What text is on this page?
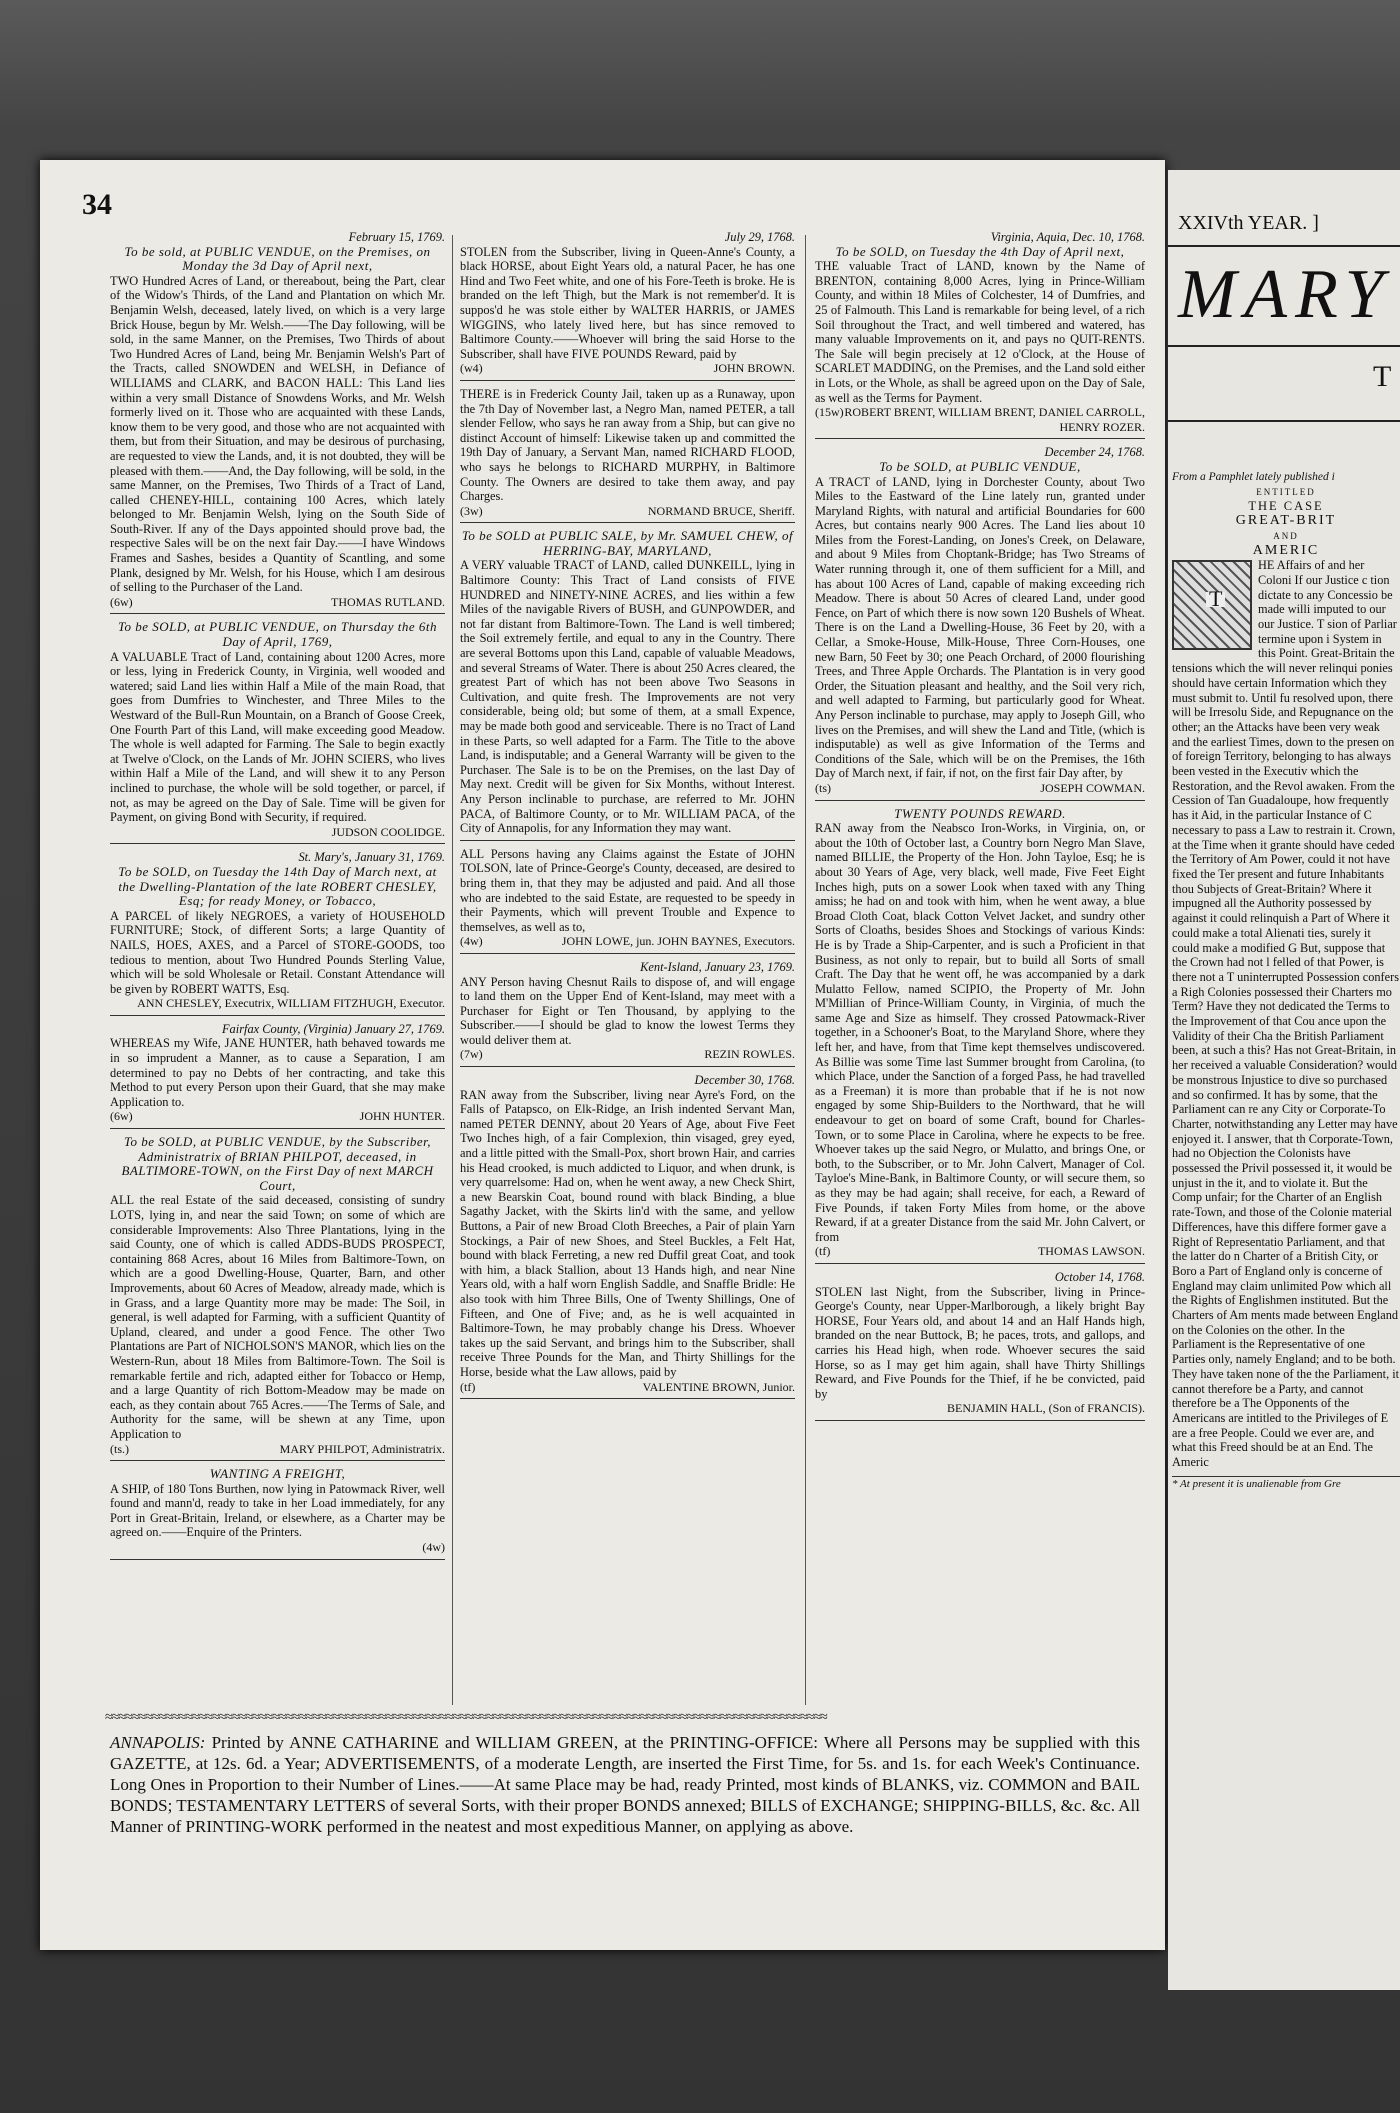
34
February 15, 1769.
To be sold, at PUBLIC VENDUE, on the Premises, on Monday the 3d Day of April next,
TWO Hundred Acres of Land, or thereabout, being the Part, clear of the Widow's Thirds, of the Land and Plantation on which Mr. Benjamin Welsh, deceased, lately lived, on which is a very large Brick House, begun by Mr. Welsh.——The Day following, will be sold, in the same Manner, on the Premises, Two Thirds of about Two Hundred Acres of Land, being Mr. Benjamin Welsh's Part of the Tracts, called SNOWDEN and WELSH, in Defiance of WILLIAMS and CLARK, and BACON HALL: This Land lies within a very small Distance of Snowdens Works, and Mr. Welsh formerly lived on it. Those who are acquainted with these Lands, know them to be very good, and those who are not acquainted with them, but from their Situation, and may be desirous of purchasing, are requested to view the Lands, and, it is not doubted, they will be pleased with them.——And, the Day following, will be sold, in the same Manner, on the Premises, Two Thirds of a Tract of Land, called CHENEY-HILL, containing 100 Acres, which lately belonged to Mr. Benjamin Welsh, lying on the South Side of South-River. If any of the Days appointed should prove bad, the respective Sales will be on the next fair Day.——I have Windows Frames and Sashes, besides a Quantity of Scantling, and some Plank, designed by Mr. Welsh, for his House, which I am desirous of selling to the Purchaser of the Land.
(6w)	THOMAS RUTLAND.
To be SOLD, at PUBLIC VENDUE, on Thursday the 6th Day of April, 1769,
A VALUABLE Tract of Land, containing about 1200 Acres, more or less, lying in Frederick County, in Virginia, well wooded and watered; said Land lies within Half a Mile of the main Road, that goes from Dumfries to Winchester, and Three Miles to the Westward of the Bull-Run Mountain, on a Branch of Goose Creek, One Fourth Part of this Land, will make exceeding good Meadow. The whole is well adapted for Farming. The Sale to begin exactly at Twelve o'Clock, on the Lands of Mr. JOHN SCIERS, who lives within Half a Mile of the Land, and will shew it to any Person inclined to purchase, the whole will be sold together, or parcel, if not, as may be agreed on the Day of Sale. Time will be given for Payment, on giving Bond with Security, if required.
JUDSON COOLIDGE.
St. Mary's, January 31, 1769.
To be SOLD, on Tuesday the 14th Day of March next, at the Dwelling-Plantation of the late ROBERT CHESLEY, Esq; for ready Money, or Tobacco,
A PARCEL of likely NEGROES, a variety of HOUSEHOLD FURNITURE; Stock, of different Sorts; a large Quantity of NAILS, HOES, AXES, and a Parcel of STORE-GOODS, too tedious to mention, about Two Hundred Pounds Sterling Value, which will be sold Wholesale or Retail. Constant Attendance will be given by ROBERT WATTS, Esq.
ANN CHESLEY, Executrix, WILLIAM FITZHUGH, Executor.
Fairfax County, (Virginia) January 27, 1769.
WHEREAS my Wife, JANE HUNTER, hath behaved towards me in so imprudent a Manner, as to cause a Separation, I am determined to pay no Debts of her contracting, and take this Method to put every Person upon their Guard, that she may make Application to.
(6w)	JOHN HUNTER.
To be SOLD, at PUBLIC VENDUE, by the Subscriber, Administratrix of BRIAN PHILPOT, deceased, in BALTIMORE-TOWN, on the First Day of next MARCH Court,
ALL the real Estate of the said deceased, consisting of sundry LOTS, lying in, and near the said Town; on some of which are considerable Improvements: Also Three Plantations, lying in the said County, one of which is called ADDS-BUDS PROSPECT, containing 868 Acres, about 16 Miles from Baltimore-Town, on which are a good Dwelling-House, Quarter, Barn, and other Improvements, about 60 Acres of Meadow, already made, which is in Grass, and a large Quantity more may be made: The Soil, in general, is well adapted for Farming, with a sufficient Quantity of Upland, cleared, and under a good Fence. The other Two Plantations are Part of NICHOLSON'S MANOR, which lies on the Western-Run, about 18 Miles from Baltimore-Town. The Soil is remarkable fertile and rich, adapted either for Tobacco or Hemp, and a large Quantity of rich Bottom-Meadow may be made on each, as they contain about 765 Acres.——The Terms of Sale, and Authority for the same, will be shewn at any Time, upon Application to
(ts.)	MARY PHILPOT, Administratrix.
WANTING A FREIGHT,
A SHIP, of 180 Tons Burthen, now lying in Patowmack River, well found and mann'd, ready to take in her Load immediately, for any Port in Great-Britain, Ireland, or elsewhere, as a Charter may be agreed on.——Enquire of the Printers.
(4w)
July 29, 1768.
STOLEN from the Subscriber, living in Queen-Anne's County, a black HORSE, about Eight Years old, a natural Pacer, he has one Hind and Two Feet white, and one of his Fore-Teeth is broke. He is branded on the left Thigh, but the Mark is not remember'd. It is suppos'd he was stole either by WALTER HARRIS, or JAMES WIGGINS, who lately lived here, but has since removed to Baltimore County.——Whoever will bring the said Horse to the Subscriber, shall have FIVE POUNDS Reward, paid by
(w4)	JOHN BROWN.
THERE is in Frederick County Jail, taken up as a Runaway, upon the 7th Day of November last, a Negro Man, named PETER, a tall slender Fellow, who says he ran away from a Ship, but can give no distinct Account of himself: Likewise taken up and committed the 19th Day of January, a Servant Man, named RICHARD FLOOD, who says he belongs to RICHARD MURPHY, in Baltimore County. The Owners are desired to take them away, and pay Charges.
(3w)	NORMAND BRUCE, Sheriff.
To be SOLD at PUBLIC SALE, by Mr. SAMUEL CHEW, of HERRING-BAY, MARYLAND,
A VERY valuable TRACT of LAND, called DUNKEILL, lying in Baltimore County: This Tract of Land consists of FIVE HUNDRED and NINETY-NINE ACRES, and lies within a few Miles of the navigable Rivers of BUSH, and GUNPOWDER, and not far distant from Baltimore-Town. The Land is well timbered; the Soil extremely fertile, and equal to any in the Country. There are several Bottoms upon this Land, capable of valuable Meadows, and several Streams of Water. There is about 250 Acres cleared, the greatest Part of which has not been above Two Seasons in Cultivation, and quite fresh. The Improvements are not very considerable, being old; but some of them, at a small Expence, may be made both good and serviceable. There is no Tract of Land in these Parts, so well adapted for a Farm. The Title to the above Land, is indisputable; and a General Warranty will be given to the Purchaser. The Sale is to be on the Premises, on the last Day of May next. Credit will be given for Six Months, without Interest. Any Person inclinable to purchase, are referred to Mr. JOHN PACA, of Baltimore County, or to Mr. WILLIAM PACA, of the City of Annapolis, for any Information they may want.
ALL Persons having any Claims against the Estate of JOHN TOLSON, late of Prince-George's County, deceased, are desired to bring them in, that they may be adjusted and paid. And all those who are indebted to the said Estate, are requested to be speedy in their Payments, which will prevent Trouble and Expence to themselves, as well as to,
(4w)	JOHN LOWE, jun. JOHN BAYNES, Executors.
Kent-Island, January 23, 1769.
ANY Person having Chesnut Rails to dispose of, and will engage to land them on the Upper End of Kent-Island, may meet with a Purchaser for Eight or Ten Thousand, by applying to the Subscriber.——I should be glad to know the lowest Terms they would deliver them at.
(7w)	REZIN ROWLES.
December 30, 1768.
RAN away from the Subscriber, living near Ayre's Ford, on the Falls of Patapsco, on Elk-Ridge, an Irish indented Servant Man, named PETER DENNY, about 20 Years of Age, about Five Feet Two Inches high, of a fair Complexion, thin visaged, grey eyed, and a little pitted with the Small-Pox, short brown Hair, and carries his Head crooked, is much addicted to Liquor, and when drunk, is very quarrelsome: Had on, when he went away, a new Check Shirt, a new Bearskin Coat, bound round with black Binding, a blue Sagathy Jacket, with the Skirts lin'd with the same, and yellow Buttons, a Pair of new Broad Cloth Breeches, a Pair of plain Yarn Stockings, a Pair of new Shoes, and Steel Buckles, a Felt Hat, bound with black Ferreting, a new red Duffil great Coat, and took with him, a black Stallion, about 13 Hands high, and near Nine Years old, with a half worn English Saddle, and Snaffle Bridle: He also took with him Three Bills, One of Twenty Shillings, One of Fifteen, and One of Five; and, as he is well acquainted in Baltimore-Town, he may probably change his Dress. Whoever takes up the said Servant, and brings him to the Subscriber, shall receive Three Pounds for the Man, and Thirty Shillings for the Horse, beside what the Law allows, paid by
(tf)	VALENTINE BROWN, Junior.
Virginia, Aquia, Dec. 10, 1768.
To be SOLD, on Tuesday the 4th Day of April next,
THE valuable Tract of LAND, known by the Name of BRENTON, containing 8,000 Acres, lying in Prince-William County, and within 18 Miles of Colchester, 14 of Dumfries, and 25 of Falmouth. This Land is remarkable for being level, of a rich Soil throughout the Tract, and well timbered and watered, has many valuable Improvements on it, and pays no QUIT-RENTS. The Sale will begin precisely at 12 o'Clock, at the House of SCARLET MADDING, on the Premises, and the Land sold either in Lots, or the Whole, as shall be agreed upon on the Day of Sale, as well as the Terms for Payment.
(15w) ROBERT BRENT, WILLIAM BRENT, DANIEL CARROLL, HENRY ROZER.
December 24, 1768.
To be SOLD, at PUBLIC VENDUE,
A TRACT of LAND, lying in Dorchester County, about Two Miles to the Eastward of the Line lately run, granted under Maryland Rights, with natural and artificial Boundaries for 600 Acres, but contains nearly 900 Acres. The Land lies about 10 Miles from the Forest-Landing, on Jones's Creek, on Delaware, and about 9 Miles from Choptank-Bridge; has Two Streams of Water running through it, one of them sufficient for a Mill, and has about 100 Acres of Land, capable of making exceeding rich Meadow. There is about 50 Acres of cleared Land, under good Fence, on Part of which there is now sown 120 Bushels of Wheat. There is on the Land a Dwelling-House, 36 Feet by 20, with a Cellar, a Smoke-House, Milk-House, Three Corn-Houses, one new Barn, 50 Feet by 30; one Peach Orchard, of 2000 flourishing Trees, and Three Apple Orchards. The Plantation is in very good Order, the Situation pleasant and healthy, and the Soil very rich, and well adapted to Farming, but particularly good for Wheat. Any Person inclinable to purchase, may apply to Joseph Gill, who lives on the Premises, and will shew the Land and Title, (which is indisputable) as well as give Information of the Terms and Conditions of the Sale, which will be on the Premises, the 16th Day of March next, if fair, if not, on the first fair Day after, by
(ts)	JOSEPH COWMAN.
TWENTY POUNDS REWARD.
RAN away from the Neabsco Iron-Works, in Virginia, on, or about the 10th of October last, a Country born Negro Man Slave, named BILLIE, the Property of the Hon. John Tayloe, Esq; he is about 30 Years of Age, very black, well made, Five Feet Eight Inches high, puts on a sower Look when taxed with any Thing amiss; he had on and took with him, when he went away, a blue Broad Cloth Coat, black Cotton Velvet Jacket, and sundry other Sorts of Cloaths, besides Shoes and Stockings of various Kinds: He is by Trade a Ship-Carpenter, and is such a Proficient in that Business, as not only to repair, but to build all Sorts of small Craft. The Day that he went off, he was accompanied by a dark Mulatto Fellow, named SCIPIO, the Property of Mr. John M'Millian of Prince-William County, in Virginia, of much the same Age and Size as himself. They crossed Patowmack-River together, in a Schooner's Boat, to the Maryland Shore, where they left her, and have, from that Time kept themselves undiscovered. As Billie was some Time last Summer brought from Carolina, (to which Place, under the Sanction of a forged Pass, he had travelled as a Freeman) it is more than probable that if he is not now engaged by some Ship-Builders to the Northward, that he will endeavour to get on board of some Craft, bound for Charles-Town, or to some Place in Carolina, where he expects to be free. Whoever takes up the said Negro, or Mulatto, and brings One, or both, to the Subscriber, or to Mr. John Calvert, Manager of Col. Tayloe's Mine-Bank, in Baltimore County, or will secure them, so as they may be had again; shall receive, for each, a Reward of Five Pounds, if taken Forty Miles from home, or the above Reward, if at a greater Distance from the said Mr. John Calvert, or from
(tf)	THOMAS LAWSON.
October 14, 1768.
STOLEN last Night, from the Subscriber, living in Prince-George's County, near Upper-Marlborough, a likely bright Bay HORSE, Four Years old, and about 14 and an Half Hands high, branded on the near Buttock, B; he paces, trots, and gallops, and carries his Head high, when rode. Whoever secures the said Horse, so as I may get him again, shall have Thirty Shillings Reward, and Five Pounds for the Thief, if he be convicted, paid by
BENJAMIN HALL, (Son of FRANCIS).
≈≈≈≈≈≈≈≈≈≈≈≈≈≈≈≈≈≈≈≈≈≈≈≈≈≈≈≈≈≈≈≈≈≈≈≈≈≈≈≈≈≈≈≈≈≈≈≈≈≈≈≈≈≈≈≈≈≈≈≈≈≈≈≈≈≈≈≈≈≈≈≈≈≈≈≈≈≈≈≈≈≈≈≈≈≈≈≈≈≈≈≈≈≈≈≈≈≈≈≈≈≈≈≈≈≈≈≈
ANNAPOLIS: Printed by ANNE CATHARINE and WILLIAM GREEN, at the PRINTING-OFFICE: Where all Persons may be supplied with this GAZETTE, at 12s. 6d. a Year; ADVERTISEMENTS, of a moderate Length, are inserted the First Time, for 5s. and 1s. for each Week's Continuance. Long Ones in Proportion to their Number of Lines.——At same Place may be had, ready Printed, most kinds of BLANKS, viz. COMMON and BAIL BONDS; TESTAMENTARY LETTERS of several Sorts, with their proper BONDS annexed; BILLS of EXCHANGE; SHIPPING-BILLS, &c. &c. All Manner of PRINTING-WORK performed in the neatest and most expeditious Manner, on applying as above.
XXIVth YEAR. ]
MARY
T
From a Pamphlet lately published i
ENTITLED
THE CASE
GREAT-BRIT
AND
AMERIC
T
HE Affairs of and her Coloni If our Justice c tion dictate to any Concessio be made willi imputed to our our Justice. T sion of Parliar termine upon i System in this Point. Great-Britain the tensions which the will never relinqui ponies should have certain Information which they must submit to. Until fu resolved upon, there will be Irresolu Side, and Repugnance on the other; an the Attacks have been very weak and the earliest Times, down to the presen on of foreign Territory, belonging to has always been vested in the Executiv which the Restoration, and the Revol awaken. From the Cession of Tan Guadaloupe, how frequently has it Aid, in the particular Instance of C necessary to pass a Law to restrain it. Crown, at the Time when it grante should have ceded the Territory of Am Power, could it not have fixed the Ter present and future Inhabitants thou Subjects of Great-Britain? Where it impugned all the Authority possessed by against it could relinquish a Part of Where it could make a total Alienati ties, surely it could make a modified G But, suppose that the Crown had not l felled of that Power, is there not a T uninterrupted Possession confers a Righ Colonies possessed their Charters mo Term? Have they not dedicated the Terms to the Improvement of that Cou ance upon the Validity of their Cha the British Parliament been, at such a this? Has not Great-Britain, in her received a valuable Consideration? would be monstrous Injustice to dive so purchased and so confirmed. It has by some, that the Parliament can re any City or Corporate-To Charter, notwithstanding any Letter may have enjoyed it. I answer, that th Corporate-Town, had no Objection the Colonists have possessed the Privil possessed it, it would be unjust in the it, and to violate it. But the Comp unfair; for the Charter of an English rate-Town, and those of the Colonie material Differences, have this differe former gave a Right of Representatio Parliament, and that the latter do n Charter of a British City, or Boro a Part of England only is concerne of England may claim unlimited Pow which all the Rights of Englishmen instituted. But the Charters of Am ments made between England on the Colonies on the other. In the Parliament is the Representative of one Parties only, namely England; and to be both. They have taken none of the the Parliament, it cannot therefore be a Party, and cannot therefore be a The Opponents of the Americans are intitled to the Privileges of E are a free People. Could we ever are, and what this Freed should be at an End. The Americ
* At present it is unalienable from Gre
